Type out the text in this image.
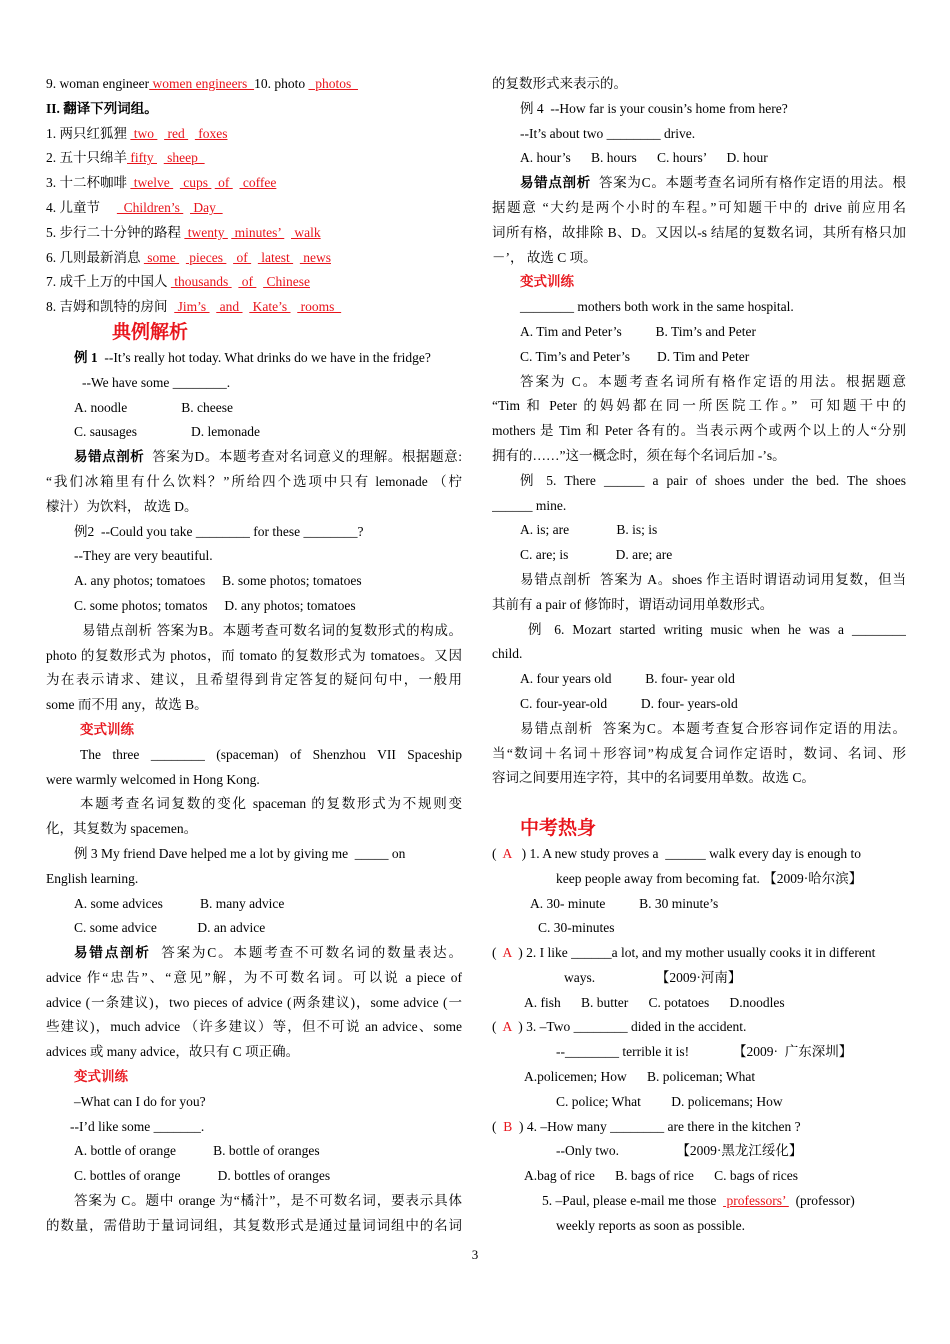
9. woman engineer women engineers  10. photo   photos
II. 翻译下列词组。
1. 两只红狐狸  two    red    foxes
2. 五十只绵羊 fifty    sheep
3. 十二杯咖啡  twelve    cups   of    coffee
4. 儿童节       Children’s    Day
5. 步行二十分钟的路程  twenty   minutes’    walk
6. 几则最新消息  some    pieces    of    latest    news
7. 成千上万的中国人  thousands    of    Chinese
8. 吉姆和凯特的房间   Jim’s    and    Kate’s    rooms
典例解析
例 1  --It’s really hot today. What drinks do we have in the fridge?
--We have some ________.
A. noodle                B. cheese
C. sausages                D. lemonade
易错点剖析  答案为D。本题考查对名词意义的理解。根据题意:
“我们冰箱里有什么饮料？”所给四个选项中只有 lemonade （柠
檬汁）为饮料， 故选 D。
例2  --Could you take ________ for these ________?
--They are very beautiful.
A. any photos; tomatoes     B. some photos; tomatoes
C. some photos; tomatos     D. any photos; tomatoes
易错点剖析 答案为B。本题考查可数名词的复数形式的构成。
photo 的复数形式为 photos，而 tomato 的复数形式为 tomatoes。又因
为在表示请求、建议，且希望得到肯定答复的疑问句中，一般用
some 而不用 any，故选 B。
变式训练
The three ________ (spaceman) of Shenzhou VII Spaceship
were warmly welcomed in Hong Kong.
本题考查名词复数的变化 spaceman 的复数形式为不规则变
化，其复数为 spacemen。
例 3 My friend Dave helped me a lot by giving me  _____ on
English learning.
A. some advices           B. many advice
C. some advice            D. an advice
易错点剖析  答案为C。本题考查不可数名词的数量表达。
advice 作“忠告”、“意见”解，为不可数名词。可以说 a piece of
advice (一条建议)，two pieces of advice (两条建议)，some advice (一
些建议)，much advice （许多建议）等，但不可说 an advice、some
advices 或 many advice，故只有 C 项正确。
变式训练
–What can I do for you?
--I’d like some _______.
A. bottle of orange           B. bottle of oranges
C. bottles of orange           D. bottles of oranges
答案为 C。题中 orange 为“橘汁”，是不可数名词，要表示具体
的数量，需借助于量词词组，其复数形式是通过量词词组中的名词
的复数形式来表示的。
例 4  --How far is your cousin’s home from here?
--It’s about two ________ drive.
A. hour’s      B. hours      C. hours’      D. hour
易错点剖析  答案为C。本题考查名词所有格作定语的用法。根
据题意 “大约是两个小时的车程。”可知题干中的 drive 前应用名
词所有格，故排除 B、D。又因以-s 结尾的复数名词，其所有格只加
－’， 故选 C 项。
变式训练
________ mothers both work in the same hospital.
A. Tim and Peter’s          B. Tim’s and Peter
C. Tim’s and Peter’s        D. Tim and Peter
答案为 C。本题考查名词所有格作定语的用法。根据题意
“Tim 和 Peter 的妈妈都在同一所医院工作。”  可知题干中的
mothers 是 Tim 和 Peter 各有的。当表示两个或两个以上的人“分别
拥有的……”这一概念时，须在每个名词后加 -’s。
例 5. There ______ a pair of shoes under the bed. The shoes
______ mine.
A. is; are              B. is; is
C. are; is              D. are; are
易错点剖析  答案为 A。shoes 作主语时谓语动词用复数，但当
其前有 a pair of 修饰时，谓语动词用单数形式。
例 6. Mozart started writing music when he was a ________
child.
A. four years old          B. four- year old
C. four-year-old          D. four- years-old
易错点剖析  答案为C。本题考查复合形容词作定语的用法。
当“数词＋名词＋形容词”构成复合词作定语时，数词、名词、形
容词之间要用连字符，其中的名词要用单数。故选 C。
中考热身
(  A   ) 1. A new study proves a  ______ walk every day is enough to
keep people away from becoming fat. 【2009·哈尔滨】
A. 30- minute          B. 30 minute’s
C. 30-minutes
(  A  ) 2. I like ______a lot, and my mother usually cooks it in different
ways.                  【2009·河南】
A. fish      B. butter      C. potatoes      D.noodles
(  A  ) 3. –Two ________ dided in the accident.
--________ terrible it is!             【2009·  广东深圳】
A.policemen; How      B. policeman; What
C. police; What         D. policemans; How
(  B  ) 4. –How many ________ are there in the kitchen ?
--Only two.                 【2009·黑龙江绥化】
A.bag of rice      B. bags of rice      C. bags of rices
5. –Paul, please e-mail me those   professors’   (professor)
weekly reports as soon as possible.
3
